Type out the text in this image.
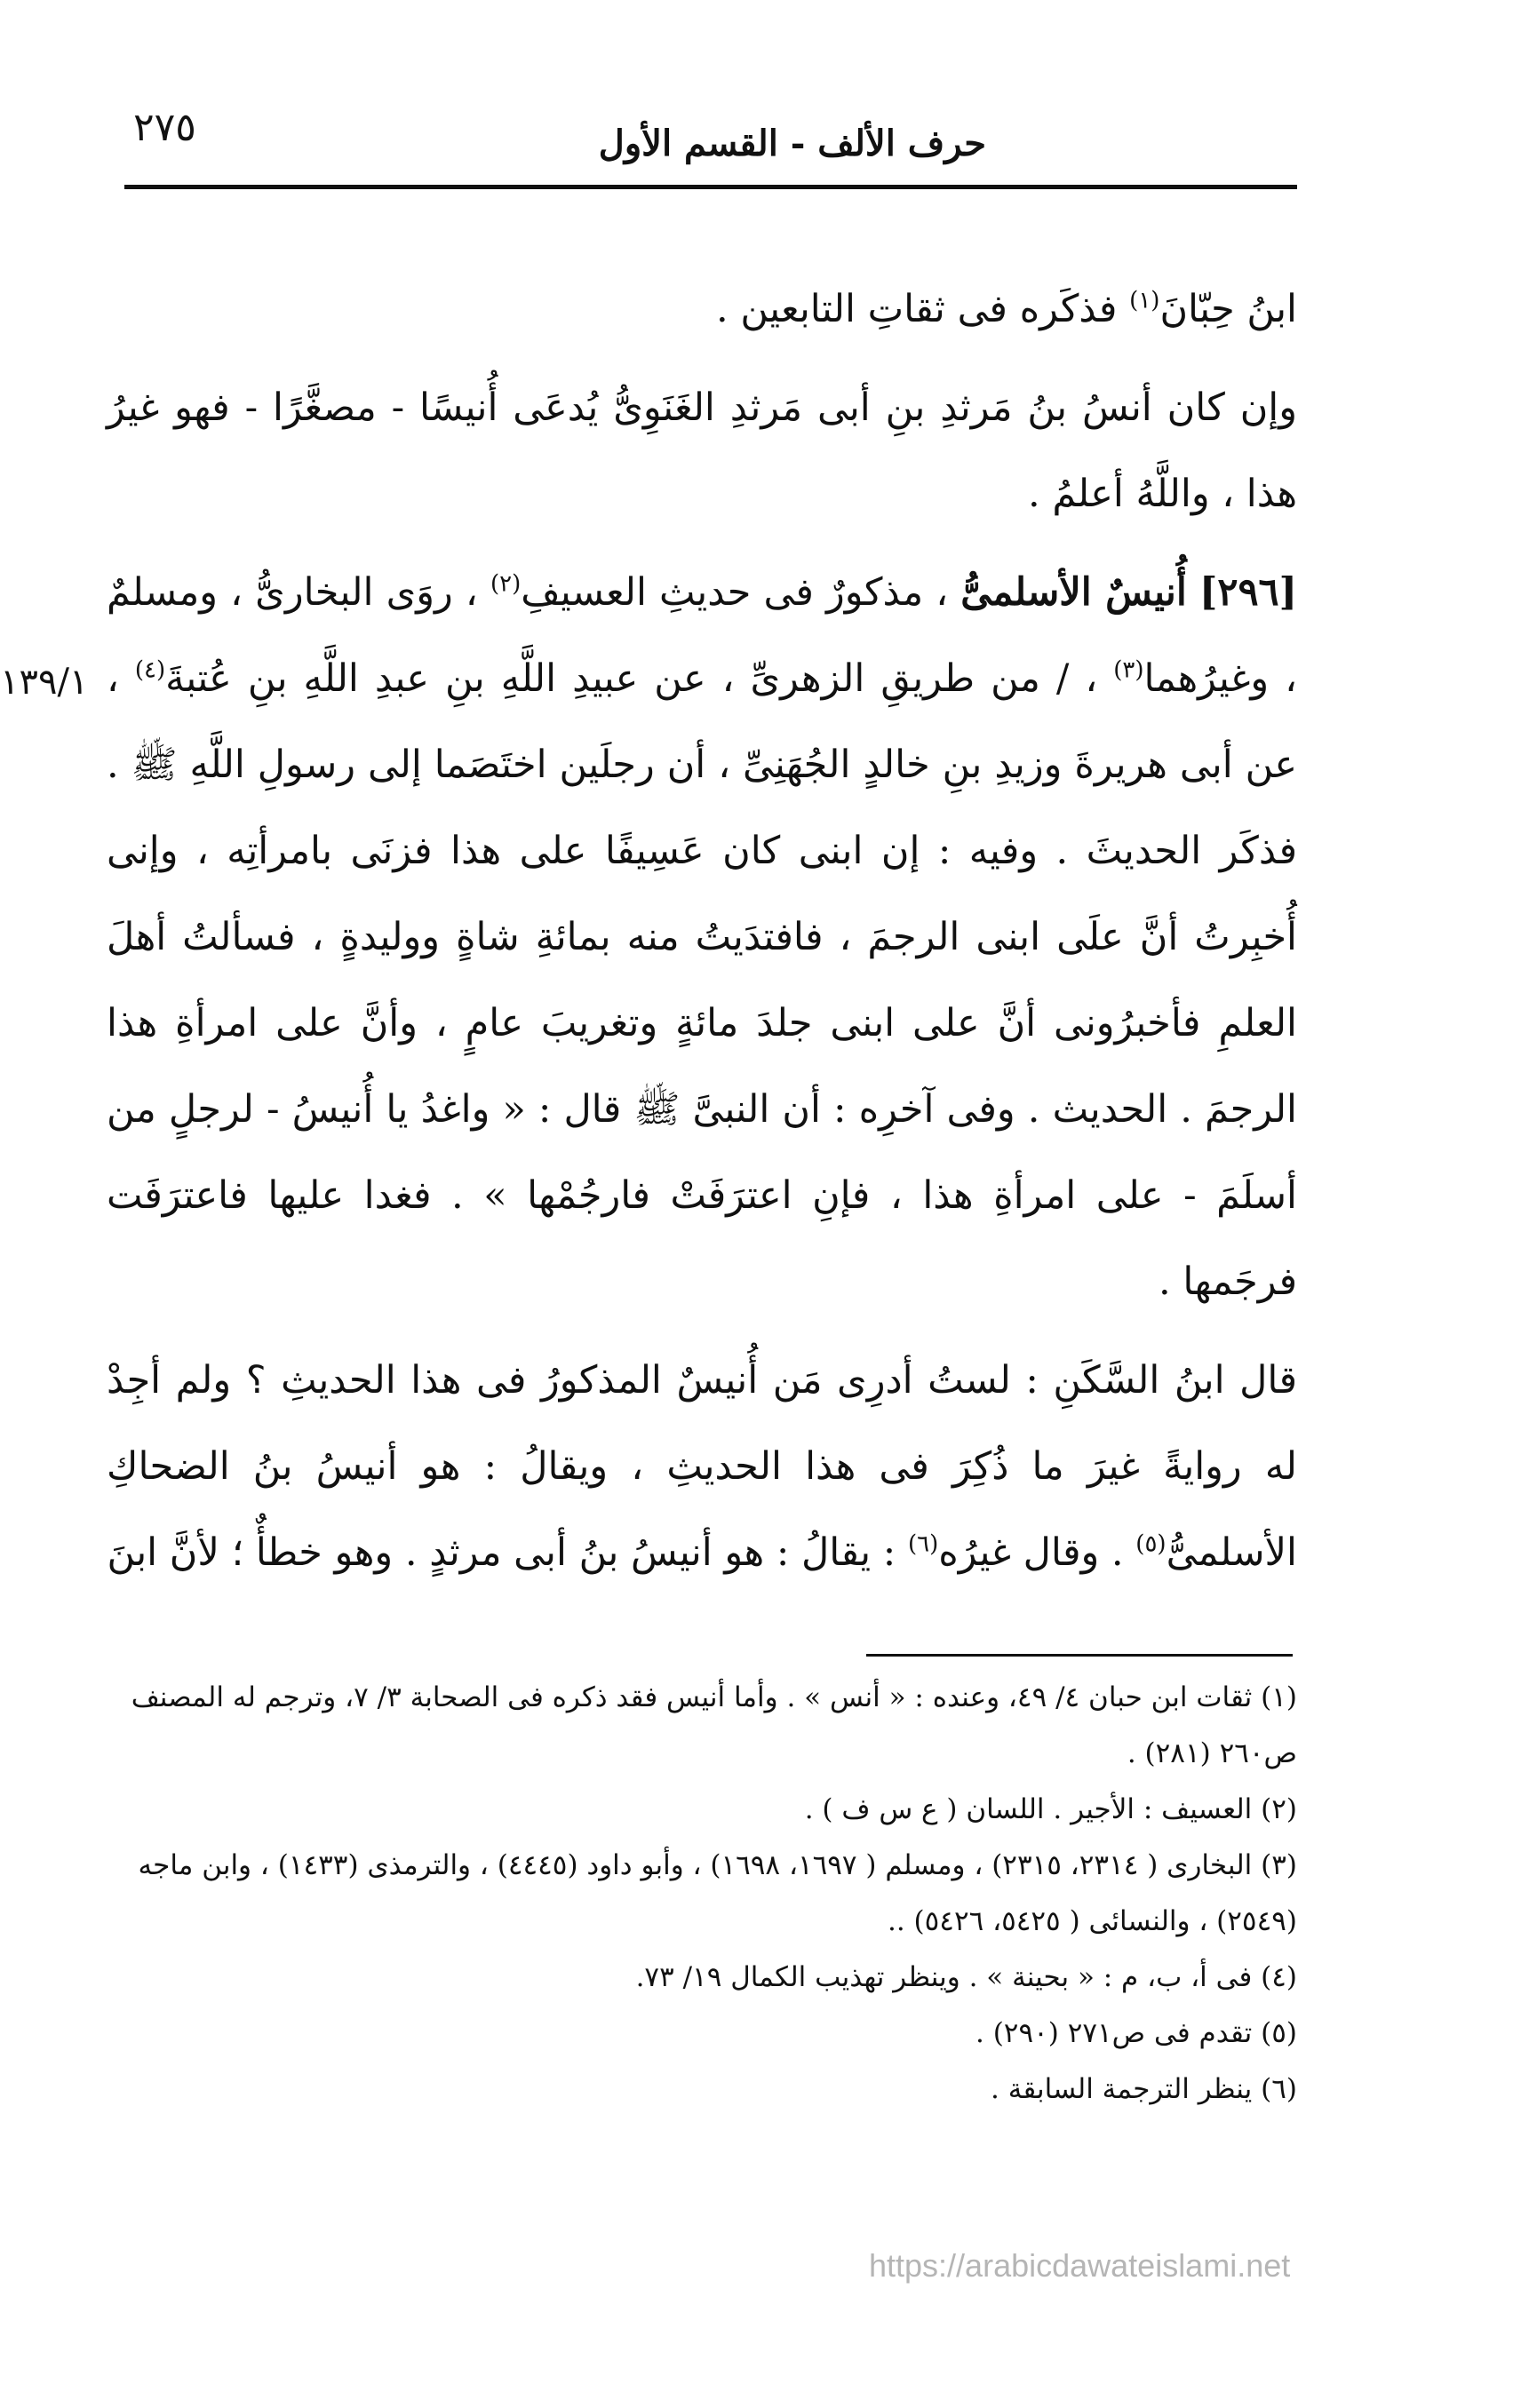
٢٧٥	حرف الألف - القسم الأول

ابنُ حِبّانَ$^{(١)}$ فذكَره فى ثقاتِ التابعين .

وإن كان أنسُ بنُ مَرثدِ بنِ أبى مَرثدِ الغَنَوِىُّ يُدعَى أُنيسًا - مصغَّرًا - فهو غيرُ هذا ، واللَّهُ أعلمُ .

[٢٩٦] أُنيسٌ الأسلمىُّ ، مذكورٌ فى حديثِ العسيفِ$^{(٢)}$ ، روَى البخارىُّ ، ومسلمٌ ، وغيرُهما$^{(٣)}$ ، / من طريقِ الزهرىِّ ، عن عبيدِ اللَّهِ بنِ عبدِ اللَّهِ بنِ عُتبةَ$^{(٤)}$ ، عن أبى هريرةَ وزيدِ بنِ خالدٍ الجُهَنِىِّ ، أن رجلَين اختَصَما إلى رسولِ اللَّهِ ﷺ . فذكَر الحديثَ . وفيه : إن ابنى كان عَسِيفًا على هذا فزنَى بامرأتِه ، وإنى أُخبِرتُ أنَّ علَى ابنى الرجمَ ، فافتدَيتُ منه بمائةِ شاةٍ ووليدةٍ ، فسألتُ أهلَ العلمِ فأخبرُونى أنَّ على ابنى جلدَ مائةٍ وتغريبَ عامٍ ، وأنَّ على امرأةِ هذا الرجمَ . الحديث . وفى آخرِه : أن النبىَّ ﷺ قال : « واغدُ يا أُنيسُ - لرجلٍ من أسلَمَ - على امرأةِ هذا ، فإنِ اعترَفَتْ فارجُمْها » . فغدا عليها فاعترَفَت فرجَمها .

قال ابنُ السَّكَنِ : لستُ أدرِى مَن أُنيسٌ المذكورُ فى هذا الحديثِ ؟ ولم أجِدْ له روايةً غيرَ ما ذُكِرَ فى هذا الحديثِ ، ويقالُ : هو أنيسُ بنُ الضحاكِ الأسلمىُّ$^{(٥)}$ . وقال غيرُه$^{(٦)}$ : يقالُ : هو أنيسُ بنُ أبى مرثدٍ . وهو خطأٌ ؛ لأنَّ ابنَ

١٣٩/١
(١) ثقات ابن حبان ٤/ ٤٩، وعنده : « أنس » . وأما أنيس فقد ذكره فى الصحابة ٣/ ٧، وترجم له المصنف ص٢٦٠ (٢٨١) .
(٢) العسيف : الأجير . اللسان ( ع س ف ) .
(٣) البخارى ( ٢٣١٤، ٢٣١٥) ، ومسلم ( ١٦٩٧، ١٦٩٨) ، وأبو داود (٤٤٤٥) ، والترمذى (١٤٣٣) ، وابن ماجه (٢٥٤٩) ، والنسائى ( ٥٤٢٥، ٥٤٢٦) ..
(٤) فى أ، ب، م : « بحينة » . وينظر تهذيب الكمال ١٩/ ٧٣.
(٥) تقدم فى ص٢٧١ (٢٩٠) .
(٦) ينظر الترجمة السابقة .
https://arabicdawateislami.net
